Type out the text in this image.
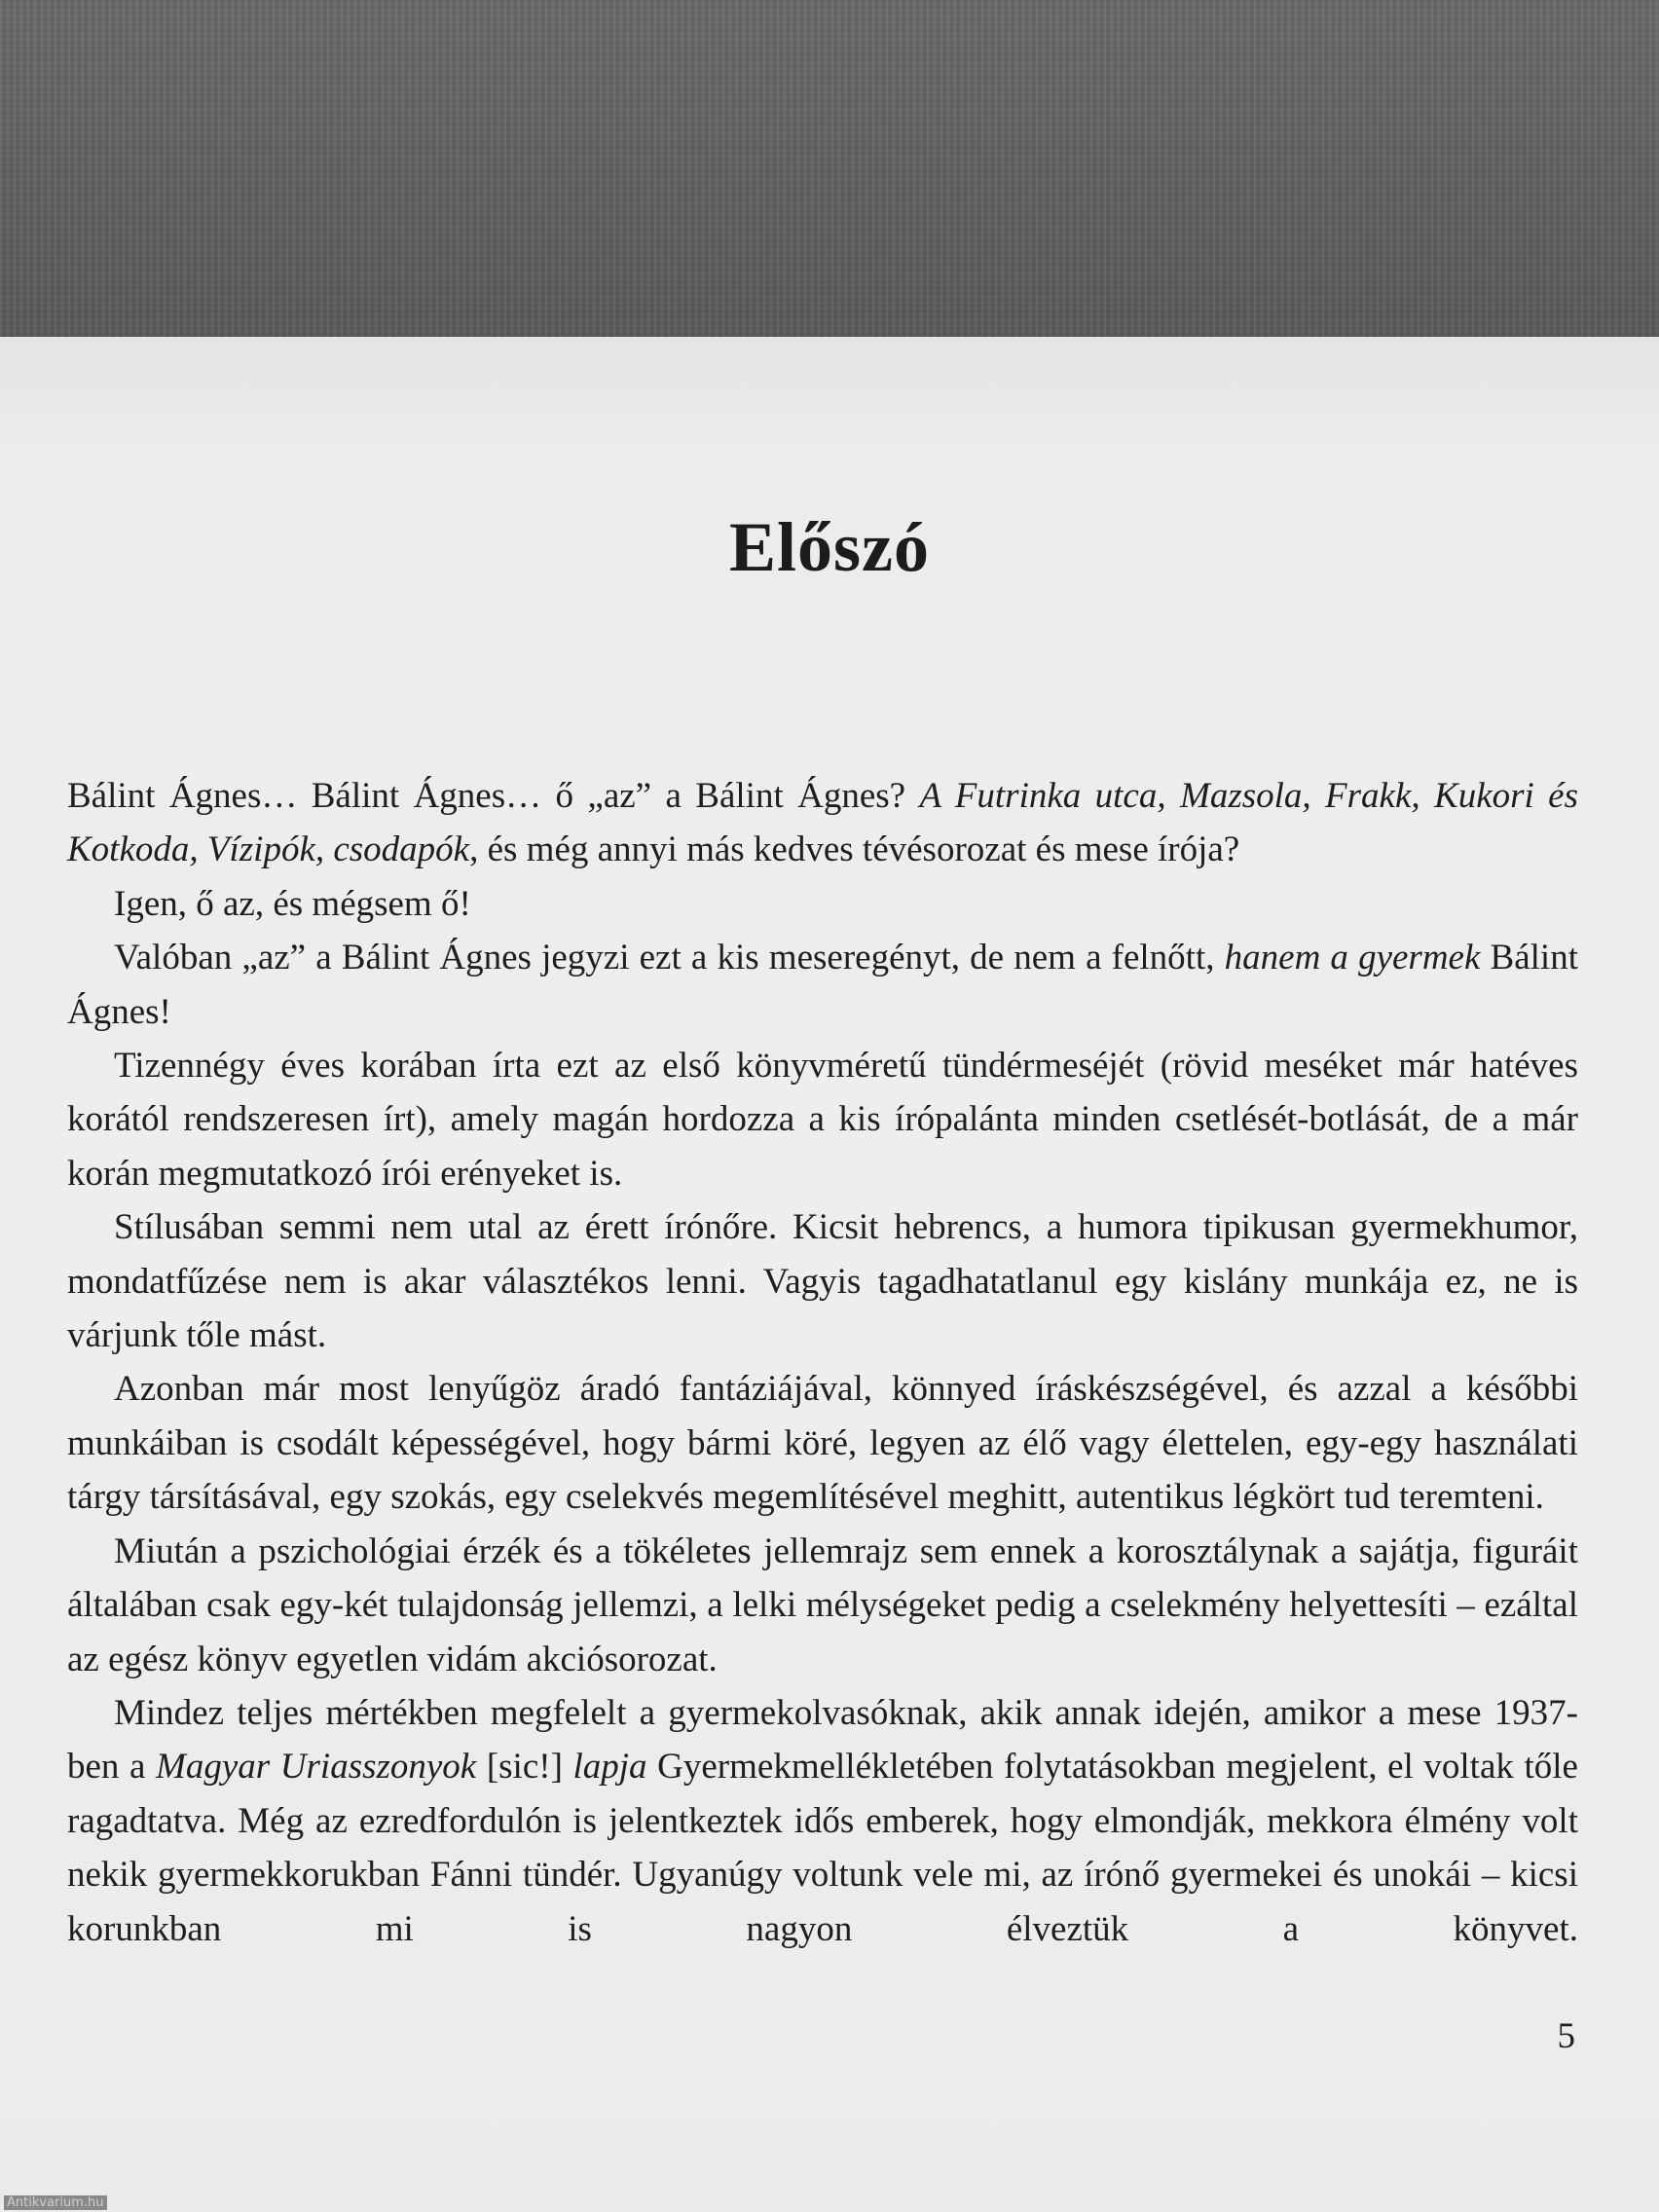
Előszó

Bálint Ágnes… Bálint Ágnes… ő „az” a Bálint Ágnes? A Futrinka utca, Mazsola, Frakk, Kukori és Kotkoda, Vízipók, csodapók, és még annyi más kedves tévésorozat és mese írója?

Igen, ő az, és mégsem ő!

Valóban „az” a Bálint Ágnes jegyzi ezt a kis meseregényt, de nem a felnőtt, hanem a gyermek Bálint Ágnes!

Tizennégy éves korában írta ezt az első könyvméretű tündérmeséjét (rövid meséket már hatéves korától rendszeresen írt), amely magán hordozza a kis írópalánta minden csetlését-botlását, de a már korán megmutatkozó írói erényeket is.

Stílusában semmi nem utal az érett írónőre. Kicsit hebrencs, a humora tipikusan gyermekhumor, mondatfűzése nem is akar választékos lenni. Vagyis tagadhatatlanul egy kislány munkája ez, ne is várjunk tőle mást.

Azonban már most lenyűgöz áradó fantáziájával, könnyed íráskészségével, és azzal a későbbi munkáiban is csodált képességével, hogy bármi köré, legyen az élő vagy élettelen, egy-egy használati tárgy társításával, egy szokás, egy cselekvés megemlítésével meghitt, autentikus légkört tud teremteni.

Miután a pszichológiai érzék és a tökéletes jellemrajz sem ennek a korosztálynak a sajátja, figuráit általában csak egy-két tulajdonság jellemzi, a lelki mélységeket pedig a cselekmény helyettesíti – ezáltal az egész könyv egyetlen vidám akciósorozat.

Mindez teljes mértékben megfelelt a gyermekolvasóknak, akik annak idején, amikor a mese 1937-ben a Magyar Uriasszonyok [sic!] lapja Gyermekmellékletében folytatásokban megjelent, el voltak tőle ragadtatva. Még az ezredfordulón is jelentkeztek idős emberek, hogy elmondják, mekkora élmény volt nekik gyermekkorukban Fánni tündér. Ugyanúgy voltunk vele mi, az írónő gyermekei és unokái – kicsi korunkban mi is nagyon élveztük a könyvet.

5
Antikvarium.hu
